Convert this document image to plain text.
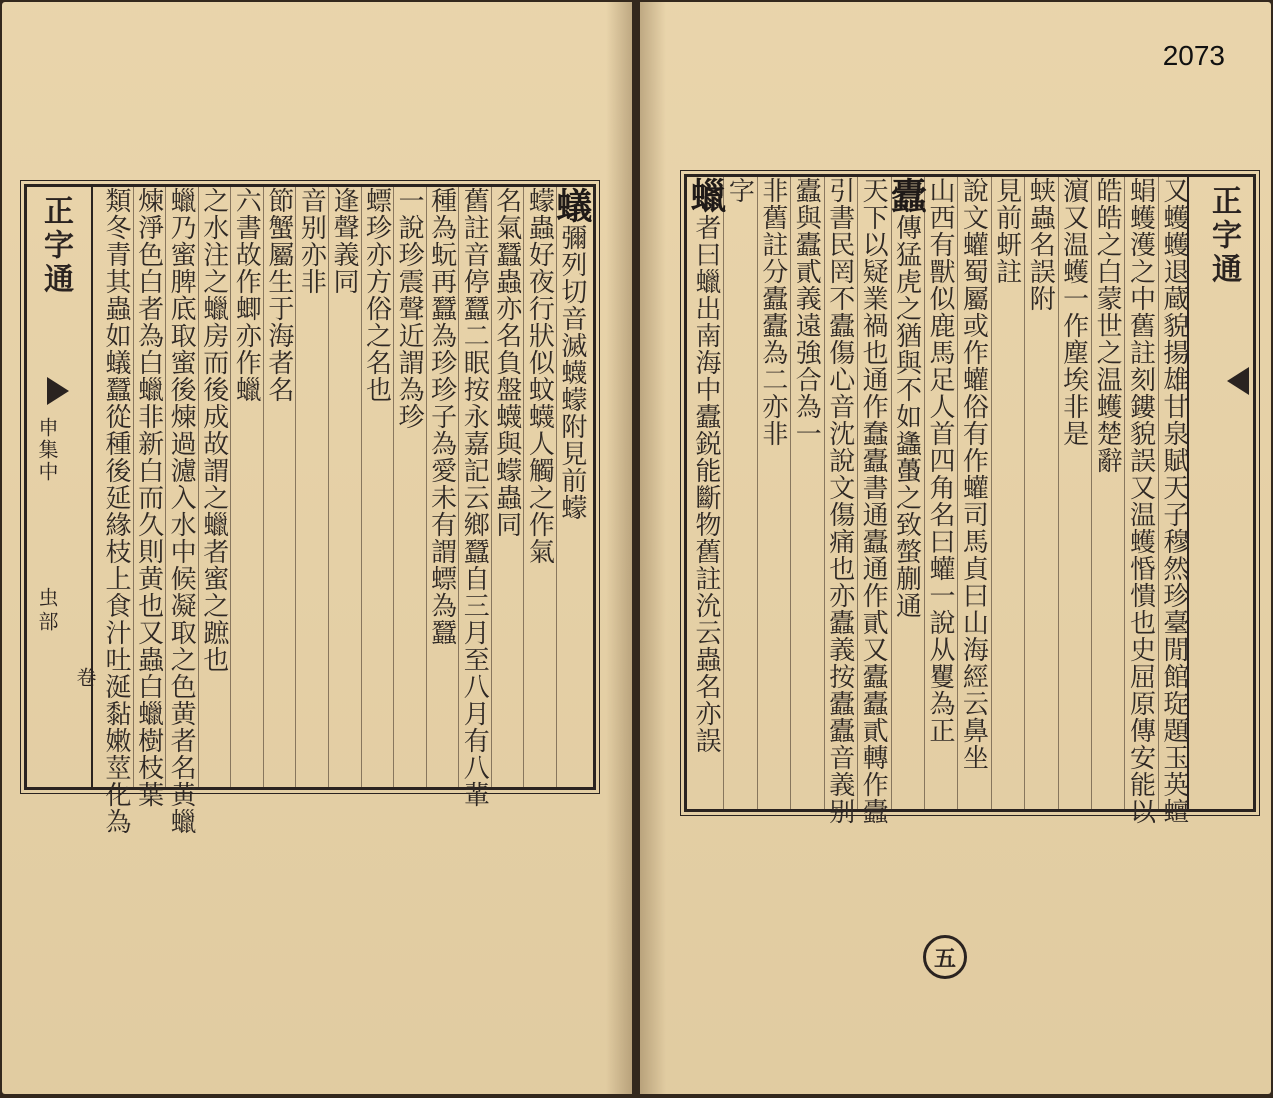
正字通
申集中
虫部
卷
蟻
彌列切音滅蠛蠓附見前蠓
蠓蟲好夜行狀似蚊蠛人觸之作氣
名氣蠶蟲亦名負盤蠛與蠓蟲同
舊註音停蠶二眠按永嘉記云鄉蠶自三月至八月有八輩
種為蚖再蠶為珍珍子為愛未有謂螵為蠶
一說珍震聲近謂為珍
螵珍亦方俗之名也
逢聲義同
音别亦非
節蟹屬生于海者名
六書故作蝍亦作蠟
之水注之蠟房而後成故謂之蠟者蜜之蹠也
蠟乃蜜脾底取蜜後煉過濾入水中候凝取之色黄者名黄蠟
煉淨色白者為白蠟非新白而久則黄也又蟲白蠟樹枝葉
類冬青其蟲如蟻蠶從種後延緣枝上食汁吐涎黏嫩莖化為	正字通
又蠖蠖退蔵貌揚雄甘泉賦天子穆然珍臺閒館琁題玉英蟺
蜎蠖濩之中舊註刻鏤貌誤又温蠖惛憒也史屈原傳安能以
皓皓之白蒙世之温蠖楚辭
濵又温蠖一作塵埃非是
蛱蟲名誤附
見前蚈註
說文蠸蜀屬或作蠸俗有作蠸司馬貞曰山海經云鼻坐
山西有獸似鹿馬足人首四角名曰蠸一說从矍為正
蠹
傳猛虎之猶與不如蠭蠆之致螫蒯通
天下以疑業禍也通作蠢蠹書通蠹通作貳又蠹蠹貳轉作蠹
引書民罔不蠹傷心音沈說文傷痛也亦蠹義按蠹蠹音義别
蠹與蠹貳義遠強合為一
非舊註分蠹蠹為二亦非
字
蠟
者曰蠟出南海中蠹鋭能斷物舊註沇云蟲名亦誤
五
2073
